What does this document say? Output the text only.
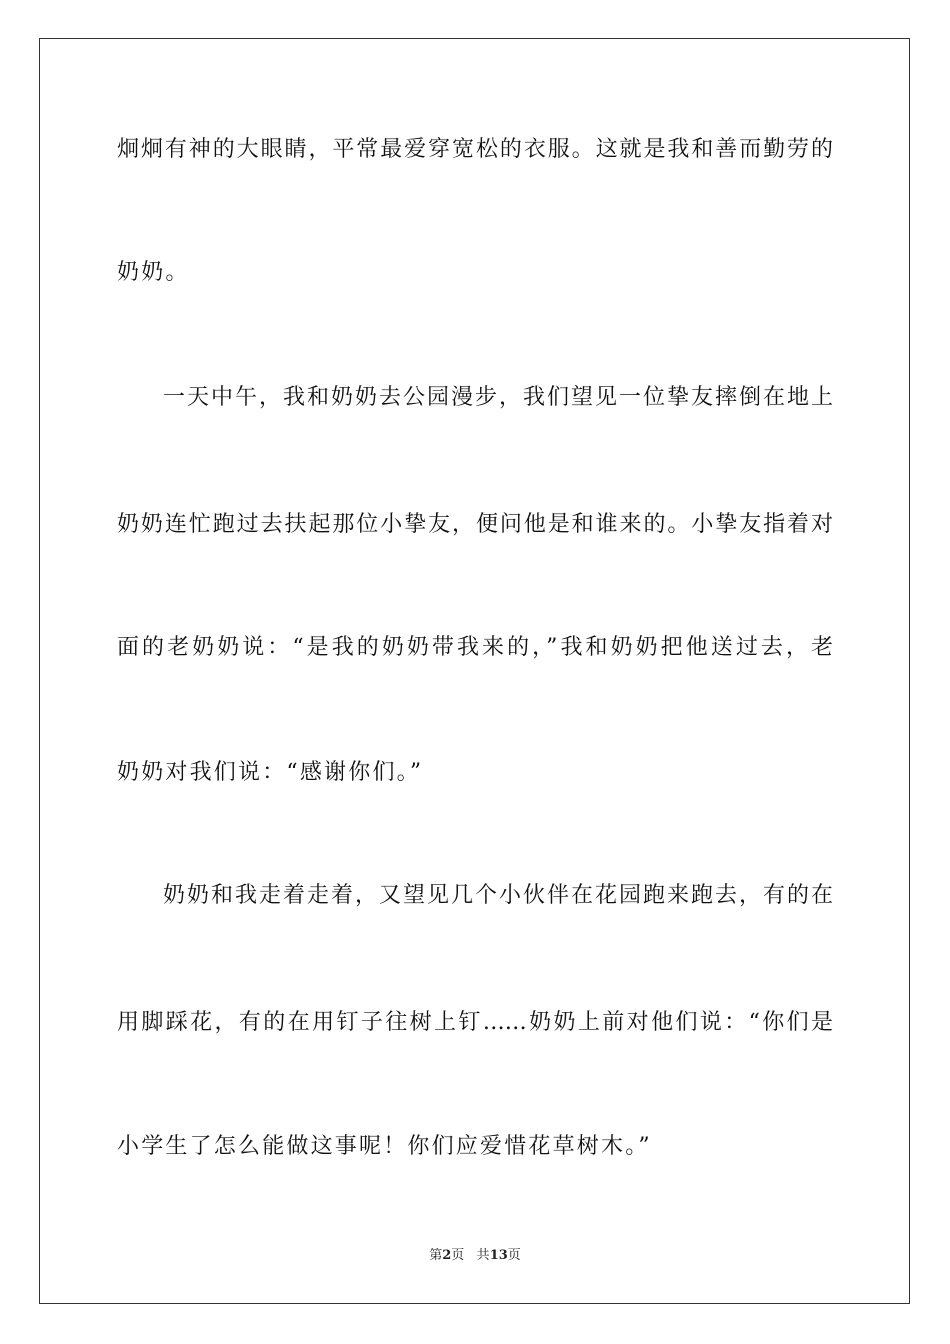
炯炯有神的大眼睛，平常最爱穿宽松的衣服。这就是我和善而勤劳的
奶奶。
一天中午，我和奶奶去公园漫步，我们望见一位挚友摔倒在地上
奶奶连忙跑过去扶起那位小挚友，便问他是和谁来的。小挚友指着对
面的老奶奶说：“是我的奶奶带我来的，”我和奶奶把他送过去，老
奶奶对我们说：“感谢你们。”
奶奶和我走着走着，又望见几个小伙伴在花园跑来跑去，有的在
用脚踩花，有的在用钉子往树上钉……奶奶上前对他们说：“你们是
小学生了怎么能做这事呢！你们应爱惜花草树木。”
第2页 共13页
